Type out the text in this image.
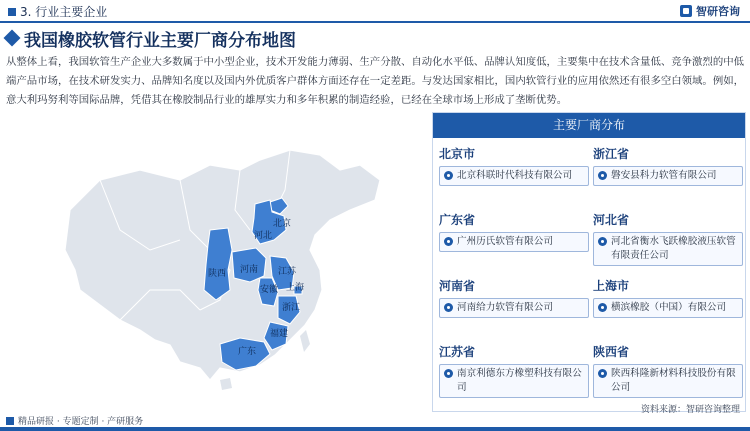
3. 行业主要企业	智研咨询
我国橡胶软管行业主要厂商分布地图
从整体上看，我国软管生产企业大多数属于中小型企业，技术开发能力薄弱、生产分散、自动化水平低、品牌认知度低，主要集中在技术含量低、竞争激烈的中低端产品市场，在技术研发实力、品牌知名度以及国内外优质客户群体方面还存在一定差距。与发达国家相比，国内软管行业的应用依然还有很多空白领域。例如，意大利玛努利等国际品牌，凭借其在橡胶制品行业的雄厚实力和多年积累的制造经验，已经在全球市场上形成了垄断优势。
北京
河北
陕西 河南 江苏
安徽 上海
浙江
福建
广东
主要厂商分布
北京市
北京科联时代科技有限公司
广东省
广州历氏软管有限公司
河南省
河南给力软管有限公司
江苏省
南京利德东方橡塑科技有限公司
浙江省
磐安县科力软管有限公司
河北省
河北省衡水飞跃橡胶液压软管有限责任公司
上海市
横滨橡胶（中国）有限公司
陕西省
陕西科隆新材料科技股份有限公司
资料来源：智研咨询整理
精品研报 · 专题定制 · 产研服务
